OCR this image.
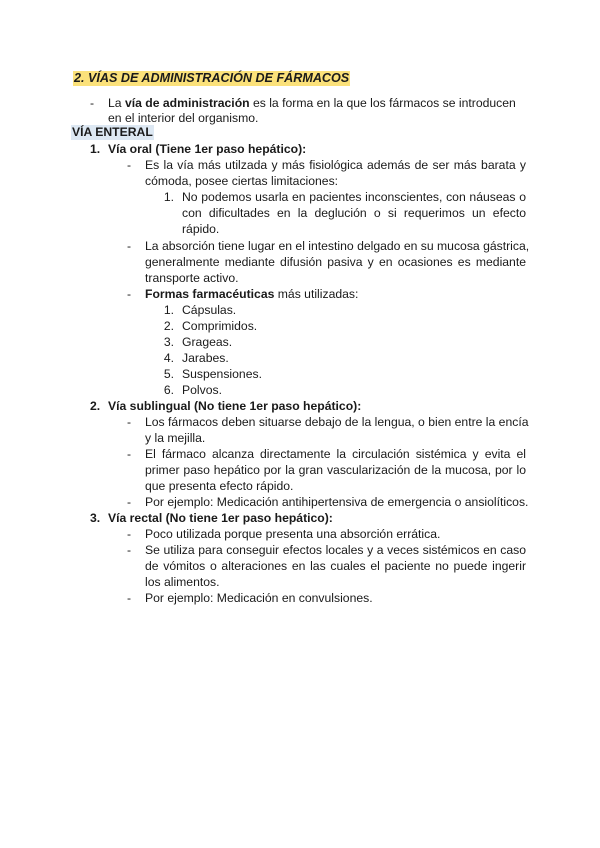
2. VÍAS DE ADMINISTRACIÓN DE FÁRMACOS
- La vía de administración es la forma en la que los fármacos se introducen
en el interior del organismo.
VÍA ENTERAL
1. Vía oral (Tiene 1er paso hepático):
- Es la vía más utilzada y más fisiológica además de ser más barata y
cómoda, posee ciertas limitaciones:
1. No podemos usarla en pacientes inconscientes, con náuseas o
con dificultades en la deglución o si requerimos un efecto
rápido.
- La absorción tiene lugar en el intestino delgado en su mucosa gástrica,
generalmente mediante difusión pasiva y en ocasiones es mediante
transporte activo.
- Formas farmacéuticas más utilizadas:
1. Cápsulas.
2. Comprimidos.
3. Grageas.
4. Jarabes.
5. Suspensiones.
6. Polvos.
2. Vía sublingual (No tiene 1er paso hepático):
- Los fármacos deben situarse debajo de la lengua, o bien entre la encía
y la mejilla.
- El fármaco alcanza directamente la circulación sistémica y evita el
primer paso hepático por la gran vascularización de la mucosa, por lo
que presenta efecto rápido.
- Por ejemplo: Medicación antihipertensiva de emergencia o ansiolíticos.
3. Vía rectal (No tiene 1er paso hepático):
- Poco utilizada porque presenta una absorción errática.
- Se utiliza para conseguir efectos locales y a veces sistémicos en caso
de vómitos o alteraciones en las cuales el paciente no puede ingerir
los alimentos.
- Por ejemplo: Medicación en convulsiones.
